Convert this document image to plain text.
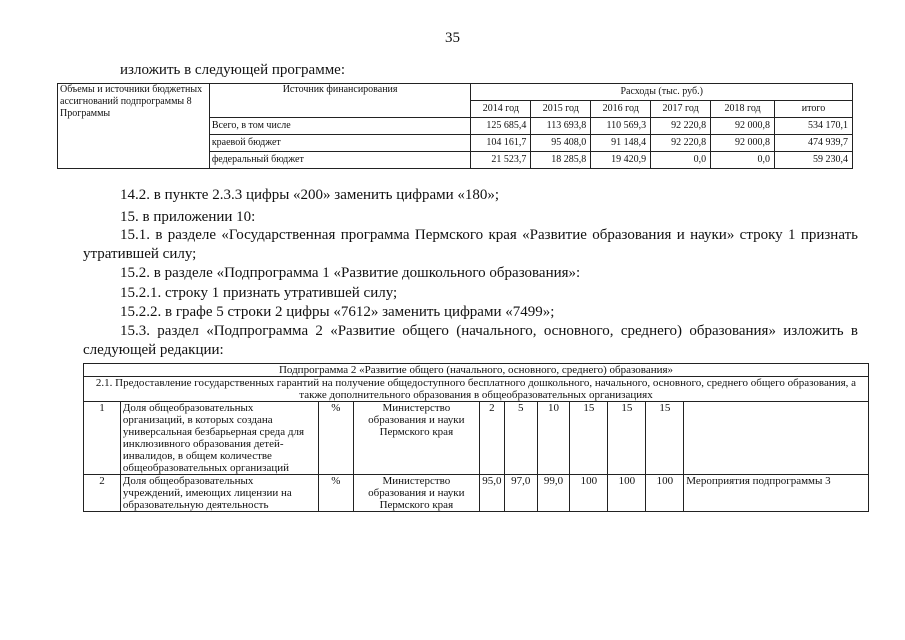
35
изложить в следующей программе:
Объемы и источники бюджетных ассигнований подпрограммы 8 Программы	Источник финансирования	Расходы (тыс. руб.)					
		2014 год	2015 год	2016 год	2017 год	2018 год	итого
	Всего, в том числе	125 685,4	113 693,8	110 569,3	92 220,8	92 000,8	534 170,1
	краевой бюджет	104 161,7	95 408,0	91 148,4	92 220,8	92 000,8	474 939,7
	федеральный бюджет	21 523,7	18 285,8	19 420,9	0,0	0,0	59 230,4
14.2. в пункте 2.3.3 цифры «200» заменить цифрами «180»;
15. в приложении 10:
15.1. в разделе «Государственная программа Пермского края «Развитие образования и науки» строку 1 признать утратившей силу;
15.2. в разделе «Подпрограмма 1 «Развитие дошкольного образования»:
15.2.1. строку 1 признать утратившей силу;
15.2.2. в графе 5 строки 2 цифры «7612» заменить цифрами «7499»;
15.3. раздел «Подпрограмма 2 «Развитие общего (начального, основного, среднего) образования» изложить в следующей редакции:
Подпрограмма 2 «Развитие общего (начального, основного, среднего) образования»										
2.1. Предоставление государственных гарантий на получение общедоступного бесплатного дошкольного, начального, основного, среднего общего образования, а также дополнительного образования в общеобразовательных организациях										
1	Доля общеобразовательных организаций, в которых создана универсальная безбарьерная среда для инклюзивного образования детей-инвалидов, в общем количестве общеобразовательных организаций	%	Министерство образования и науки Пермского края	2	5	10	15	15	15	
2	Доля общеобразовательных учреждений, имеющих лицензии на образовательную деятельность	%	Министерство образования и науки Пермского края	95,0	97,0	99,0	100	100	100	Мероприятия подпрограммы 3
